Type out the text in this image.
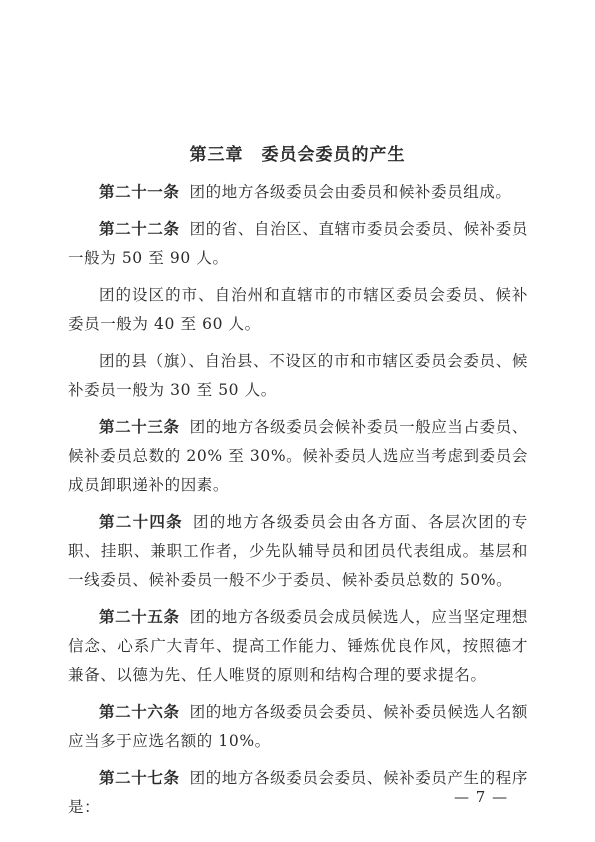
第三章 委员会委员的产生

第二十一条 团的地方各级委员会由委员和候补委员组成。

第二十二条 团的省、自治区、直辖市委员会委员、候补委员一般为 50 至 90 人。

团的设区的市、自治州和直辖市的市辖区委员会委员、候补委员一般为 40 至 60 人。

团的县（旗）、自治县、不设区的市和市辖区委员会委员、候补委员一般为 30 至 50 人。

第二十三条 团的地方各级委员会候补委员一般应当占委员、候补委员总数的 20% 至 30%。候补委员人选应当考虑到委员会成员卸职递补的因素。

第二十四条 团的地方各级委员会由各方面、各层次团的专职、挂职、兼职工作者，少先队辅导员和团员代表组成。基层和一线委员、候补委员一般不少于委员、候补委员总数的 50%。

第二十五条 团的地方各级委员会成员候选人，应当坚定理想信念、心系广大青年、提高工作能力、锤炼优良作风，按照德才兼备、以德为先、任人唯贤的原则和结构合理的要求提名。

第二十六条 团的地方各级委员会委员、候补委员候选人名额应当多于应选名额的 10%。

第二十七条 团的地方各级委员会委员、候补委员产生的程序是：

— 7 —
